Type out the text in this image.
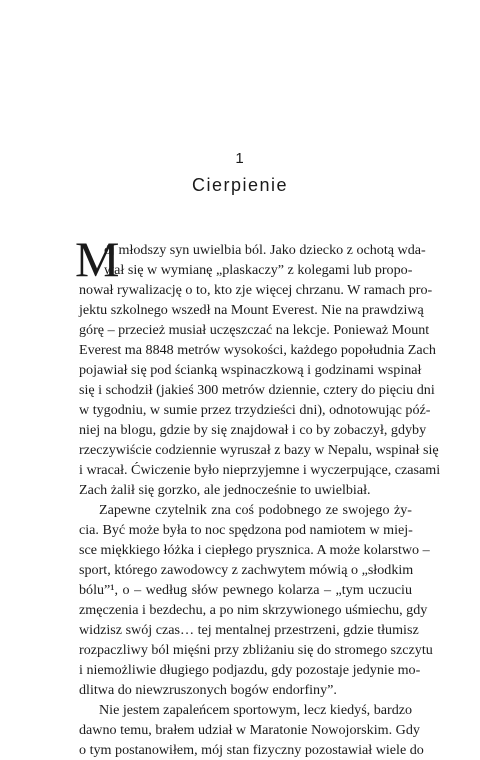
1
Cierpienie
M
ój młodszy syn uwielbia ból. Jako dziecko z ochotą wda-
wał się w wymianę „plaskaczy” z kolegami lub propo-
nował rywalizację o to, kto zje więcej chrzanu. W ramach pro-
jektu szkolnego wszedł na Mount Everest. Nie na prawdziwą
górę – przecież musiał uczęszczać na lekcje. Ponieważ Mount
Everest ma 8848 metrów wysokości, każdego popołudnia Zach
pojawiał się pod ścianką wspinaczkową i godzinami wspinał
się i schodził (jakieś 300 metrów dziennie, cztery do pięciu dni
w tygodniu, w sumie przez trzydzieści dni), odnotowując póź-
niej na blogu, gdzie by się znajdował i co by zobaczył, gdyby
rzeczywiście codziennie wyruszał z bazy w Nepalu, wspinał się
i wracał. Ćwiczenie było nieprzyjemne i wyczerpujące, czasami
Zach żalił się gorzko, ale jednocześnie to uwielbiał.
Zapewne czytelnik zna coś podobnego ze swojego ży-
cia. Być może była to noc spędzona pod namiotem w miej-
sce miękkiego łóżka i ciepłego prysznica. A może kolarstwo –
sport, którego zawodowcy z zachwytem mówią o „słodkim
bólu”¹, o – według słów pewnego kolarza – „tym uczuciu
zmęczenia i bezdechu, a po nim skrzywionego uśmiechu, gdy
widzisz swój czas… tej mentalnej przestrzeni, gdzie tłumisz
rozpaczliwy ból mięśni przy zbliżaniu się do stromego szczytu
i niemożliwie długiego podjazdu, gdy pozostaje jedynie mo-
dlitwa do niewzruszonych bogów endorfiny”.
Nie jestem zapaleńcem sportowym, lecz kiedyś, bardzo
dawno temu, brałem udział w Maratonie Nowojorskim. Gdy
o tym postanowiłem, mój stan fizyczny pozostawiał wiele do
